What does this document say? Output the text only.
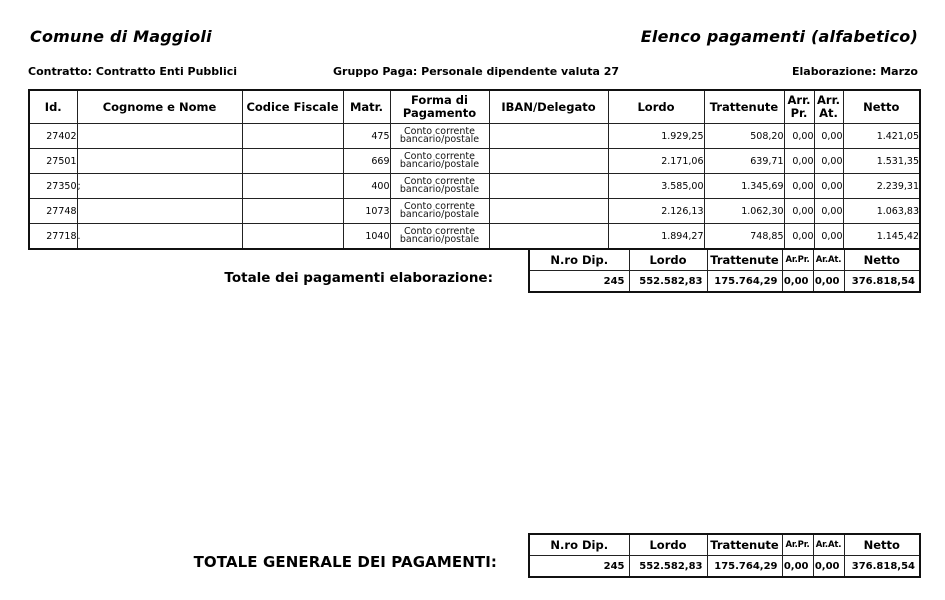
Comune di Maggioli	Elenco pagamenti (alfabetico)
Contratto: Contratto Enti Pubblici	Gruppo Paga: Personale dipendente valuta 27	Elaborazione: Marzo
Id.	Cognome e Nome	Codice Fiscale	Matr.	Forma di Pagamento	IBAN/Delegato	Lordo	Trattenute	Arr. Pr.	Arr. At.	Netto
27402			475	Conto corrente bancario/postale		1.929,25	508,20	0,00	0,00	1.421,05
27501			669	Conto corrente bancario/postale		2.171,06	639,71	0,00	0,00	1.531,35
27350	;		400	Conto corrente bancario/postale		3.585,00	1.345,69	0,00	0,00	2.239,31
27748			1073	Conto corrente bancario/postale		2.126,13	1.062,30	0,00	0,00	1.063,83
27718	.		1040	Conto corrente bancario/postale		1.894,27	748,85	0,00	0,00	1.145,42
Totale dei pagamenti elaborazione:
N.ro Dip.	Lordo	Trattenute	Ar.Pr.	Ar.At.	Netto
245	552.582,83	175.764,29	0,00	0,00	376.818,54
TOTALE GENERALE DEI PAGAMENTI:
N.ro Dip.	Lordo	Trattenute	Ar.Pr.	Ar.At.	Netto
245	552.582,83	175.764,29	0,00	0,00	376.818,54
